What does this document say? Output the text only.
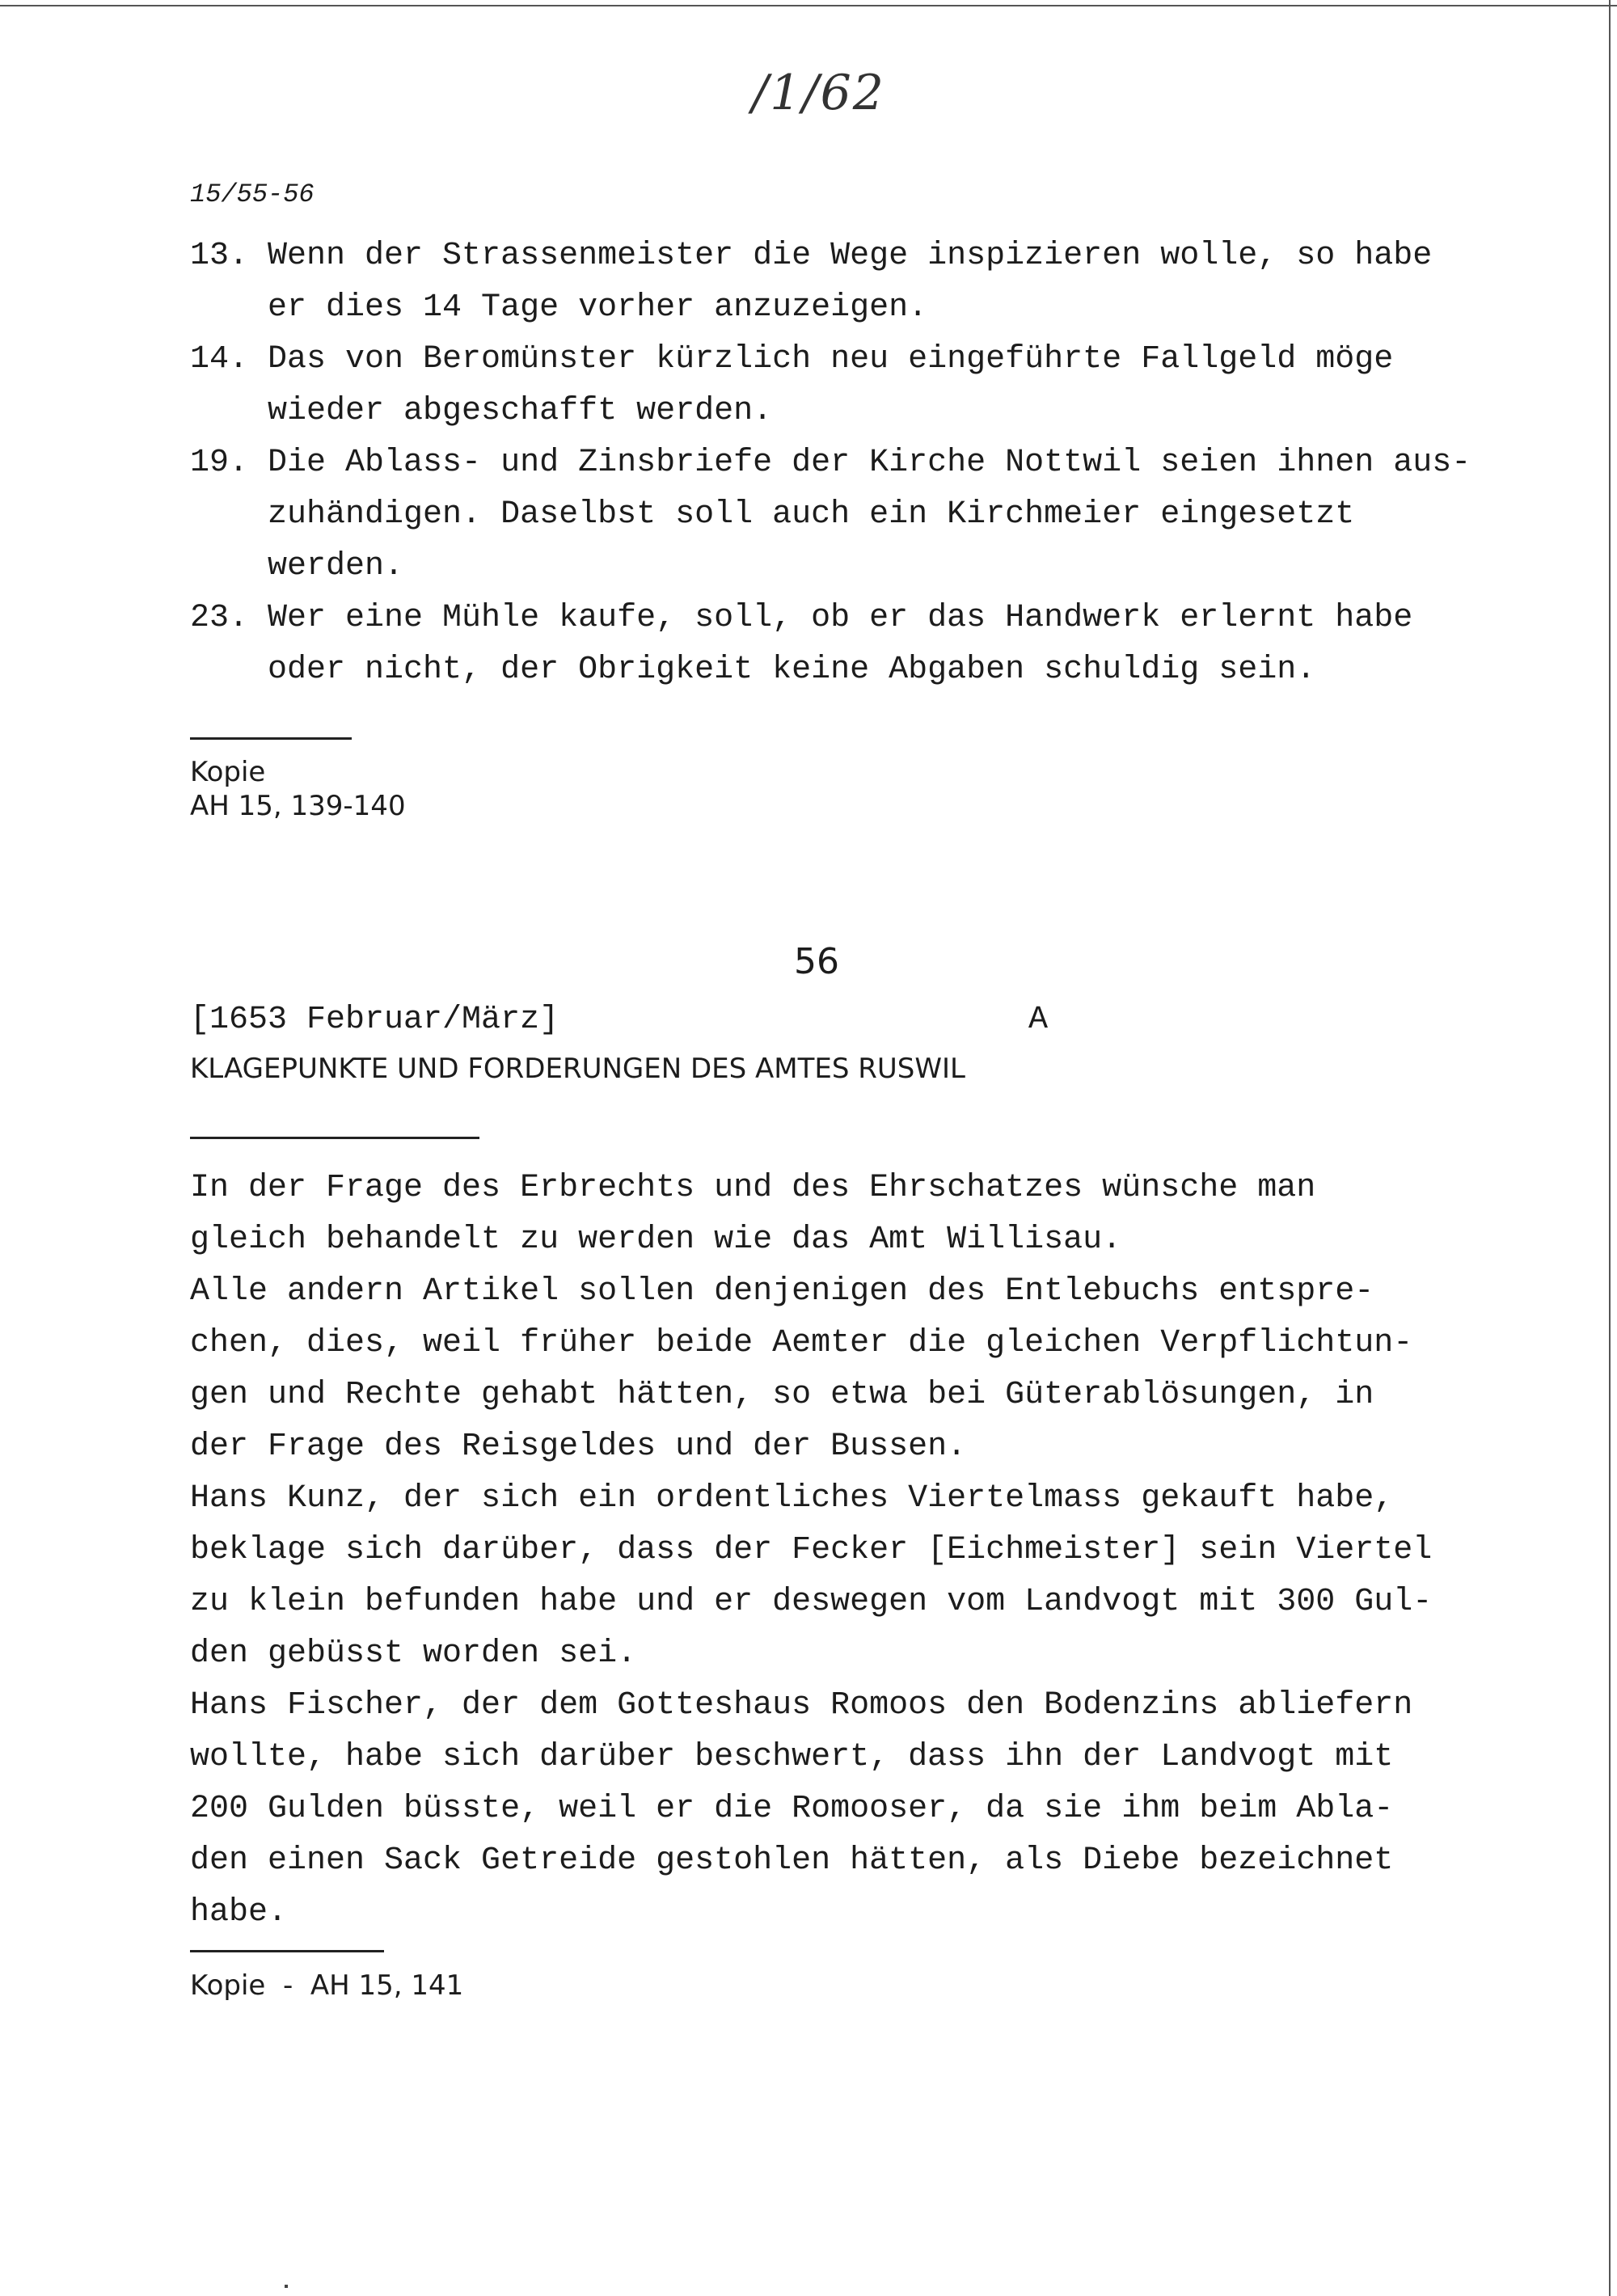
/1/62
15/55-56
13. Wenn der Strassenmeister die Wege inspizieren wolle, so habe
er dies 14 Tage vorher anzuzeigen.
14. Das von Beromünster kürzlich neu eingeführte Fallgeld möge
wieder abgeschafft werden.
19. Die Ablass- und Zinsbriefe der Kirche Nottwil seien ihnen aus-
zuhändigen. Daselbst soll auch ein Kirchmeier eingesetzt
werden.
23. Wer eine Mühle kaufe, soll, ob er das Handwerk erlernt habe
oder nicht, der Obrigkeit keine Abgaben schuldig sein.
Kopie
AH 15, 139-140
56
[1653 Februar/März]	A
KLAGEPUNKTE UND FORDERUNGEN DES AMTES RUSWIL
In der Frage des Erbrechts und des Ehrschatzes wünsche man
gleich behandelt zu werden wie das Amt Willisau.
Alle andern Artikel sollen denjenigen des Entlebuchs entspre-
chen, dies, weil früher beide Aemter die gleichen Verpflichtun-
gen und Rechte gehabt hätten, so etwa bei Güterablösungen, in
der Frage des Reisgeldes und der Bussen.
Hans Kunz, der sich ein ordentliches Viertelmass gekauft habe,
beklage sich darüber, dass der Fecker [Eichmeister] sein Viertel
zu klein befunden habe und er deswegen vom Landvogt mit 300 Gul-
den gebüsst worden sei.
Hans Fischer, der dem Gotteshaus Romoos den Bodenzins abliefern
wollte, habe sich darüber beschwert, dass ihn der Landvogt mit
200 Gulden büsste, weil er die Romooser, da sie ihm beim Abla-
den einen Sack Getreide gestohlen hätten, als Diebe bezeichnet
habe.
Kopie  -  AH 15, 141
